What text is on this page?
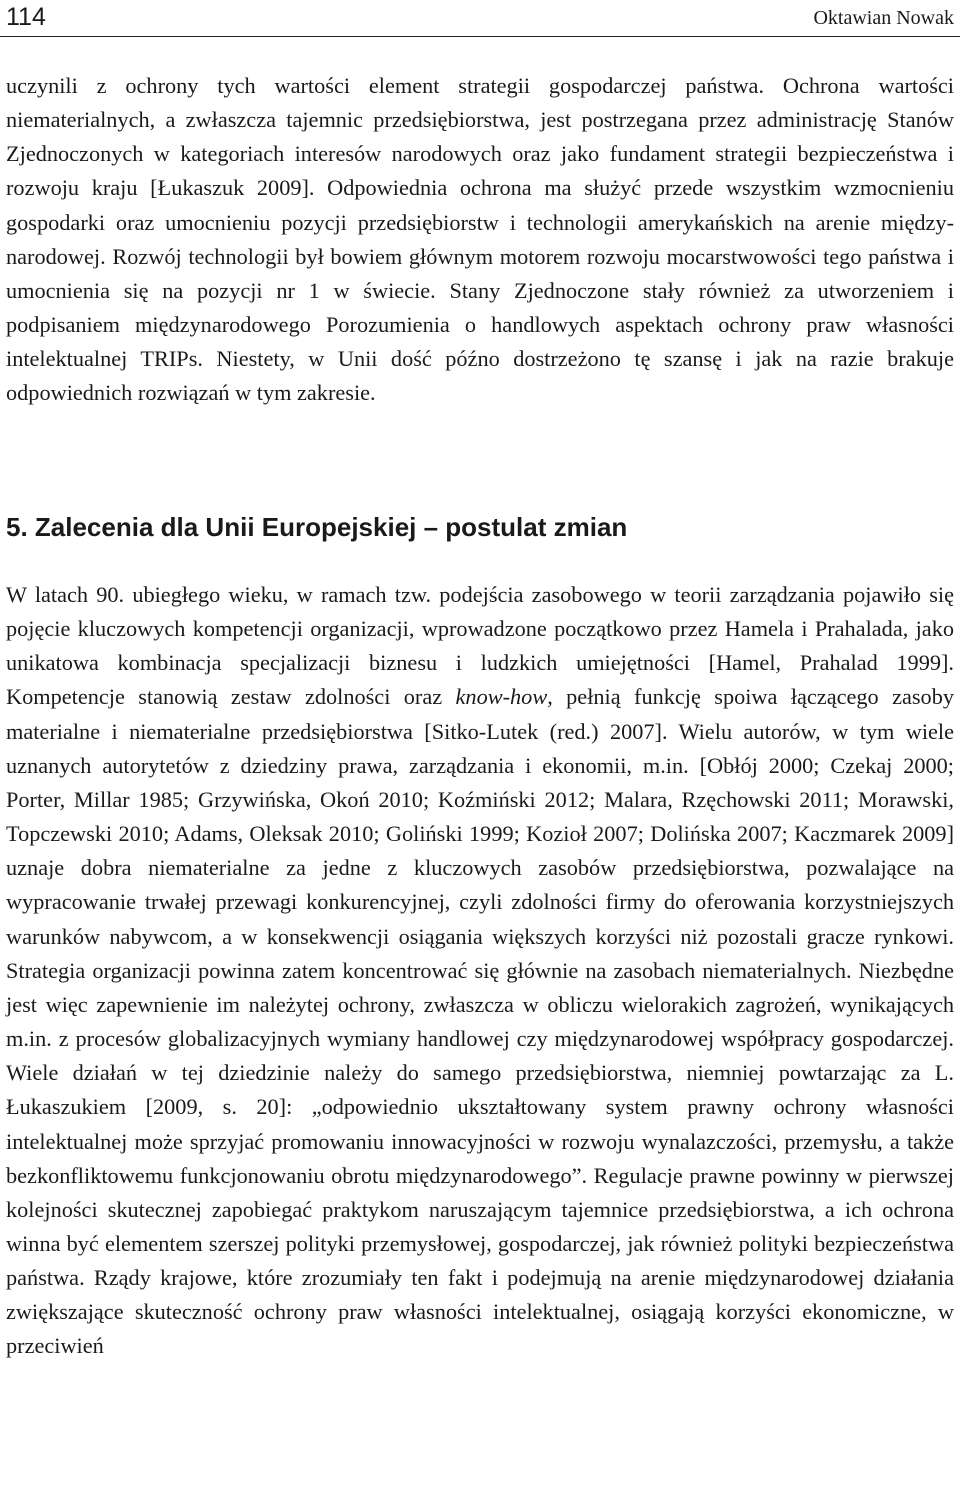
114	Oktawian Nowak

uczynili z ochrony tych wartości element strategii gospodarczej państwa. Ochrona wartości niematerialnych, a zwłaszcza tajemnic przedsiębiorstwa, jest postrzegana przez administrację Stanów Zjednoczonych w kategoriach interesów narodowych oraz jako fundament strategii bezpieczeństwa i rozwoju kraju [Łukaszuk 2009]. Odpowiednia ochrona ma służyć przede wszystkim wzmocnieniu gospodarki oraz umocnieniu pozycji przedsiębiorstw i technologii amerykańskich na arenie międzynarodowej. Rozwój technologii był bowiem głównym motorem rozwoju mocarstwowości tego państwa i umocnienia się na pozycji nr 1 w świecie. Stany Zjednoczone stały również za utworzeniem i podpisaniem międzynarodowego Porozumienia o handlowych aspektach ochrony praw własności intelektualnej TRIPs. Niestety, w Unii dość późno dostrzeżono tę szansę i jak na razie brakuje odpowiednich rozwiązań w tym zakresie.

5. Zalecenia dla Unii Europejskiej – postulat zmian

W latach 90. ubiegłego wieku, w ramach tzw. podejścia zasobowego w teorii zarządzania pojawiło się pojęcie kluczowych kompetencji organizacji, wprowadzone początkowo przez Hamela i Prahalada, jako unikatowa kombinacja specjalizacji biznesu i ludzkich umiejętności [Hamel, Prahalad 1999]. Kompetencje stanowią zestaw zdolności oraz know-how, pełnią funkcję spoiwa łączącego zasoby materialne i niematerialne przedsiębiorstwa [Sitko-Lutek (red.) 2007]. Wielu autorów, w tym wiele uznanych autorytetów z dziedziny prawa, zarządzania i ekonomii, m.in. [Obłój 2000; Czekaj 2000; Porter, Millar 1985; Grzywińska, Okoń 2010; Koźmiński 2012; Malara, Rzęchowski 2011; Morawski, Topczewski 2010; Adams, Oleksak 2010; Goliński 1999; Kozioł 2007; Dolińska 2007; Kaczmarek 2009] uznaje dobra niematerialne za jedne z kluczowych zasobów przedsiębiorstwa, pozwalające na wypracowanie trwałej przewagi konkurencyjnej, czyli zdolności firmy do oferowania korzystniejszych warunków nabywcom, a w konsekwencji osiągania większych korzyści niż pozostali gracze rynkowi. Strategia organizacji powinna zatem koncentrować się głównie na zasobach niematerialnych. Niezbędne jest więc zapewnienie im należytej ochrony, zwłaszcza w obliczu wielorakich zagrożeń, wynikających m.in. z procesów globalizacyjnych wymiany handlowej czy międzynarodowej współpracy gospodarczej. Wiele działań w tej dziedzinie należy do samego przedsiębiorstwa, niemniej powtarzając za L. Łukaszukiem [2009, s. 20]: „odpowiednio ukształtowany system prawny ochrony własności intelektualnej może sprzyjać promowaniu innowacyjności w rozwoju wynalazczości, przemysłu, a także bezkonfliktowemu funkcjonowaniu obrotu międzynarodowego”. Regulacje prawne powinny w pierwszej kolejności skutecznej zapobiegać praktykom naruszającym tajemnice przedsiębiorstwa, a ich ochrona winna być elementem szerszej polityki przemysłowej, gospodarczej, jak również polityki bezpieczeństwa państwa. Rządy krajowe, które zrozumiały ten fakt i podejmują na arenie międzynarodowej działania zwiększające skuteczność ochrony praw własności intelektualnej, osiągają korzyści ekonomiczne, w przeciwień
